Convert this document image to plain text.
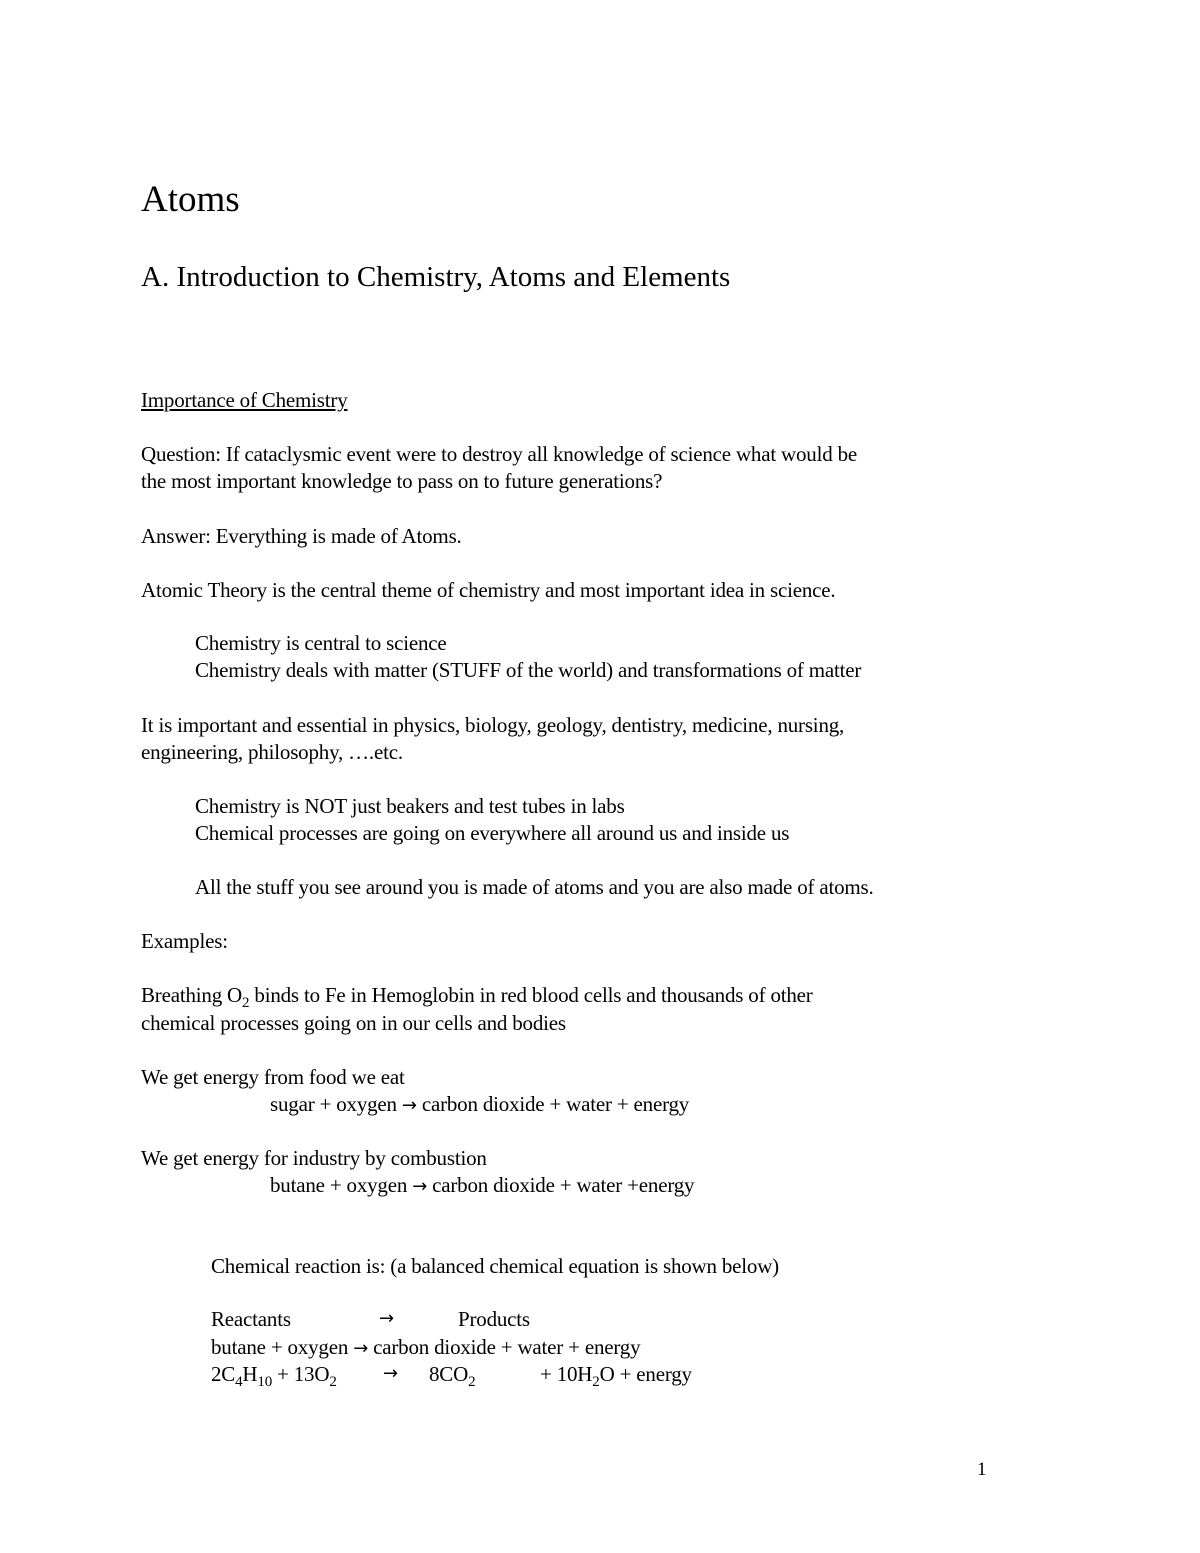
Atoms
A. Introduction to Chemistry, Atoms and Elements
Importance of Chemistry
Question: If cataclysmic event were to destroy all knowledge of science what would be
the most important knowledge to pass on to future generations?
Answer: Everything is made of Atoms.
Atomic Theory is the central theme of chemistry and most important idea in science.
Chemistry is central to science
Chemistry deals with matter (STUFF of the world) and transformations of matter
It is important and essential in physics, biology, geology, dentistry, medicine, nursing,
engineering, philosophy, ….etc.
Chemistry is NOT just beakers and test tubes in labs
Chemical processes are going on everywhere all around us and inside us
All the stuff you see around you is made of atoms and you are also made of atoms.
Examples:
Breathing $O_2$ binds to Fe in Hemoglobin in red blood cells and thousands of other
chemical processes going on in our cells and bodies
We get energy from food we eat
sugar + oxygen → carbon dioxide + water + energy
We get energy for industry by combustion
butane + oxygen → carbon dioxide + water +energy
Chemical reaction is: (a balanced chemical equation is shown below)
Reactants	→	Products
butane + oxygen → carbon dioxide + water + energy
$2C_4H_{10} + 13O_2$	→ $8CO_2$	+ $10H_2O$ + energy
1
